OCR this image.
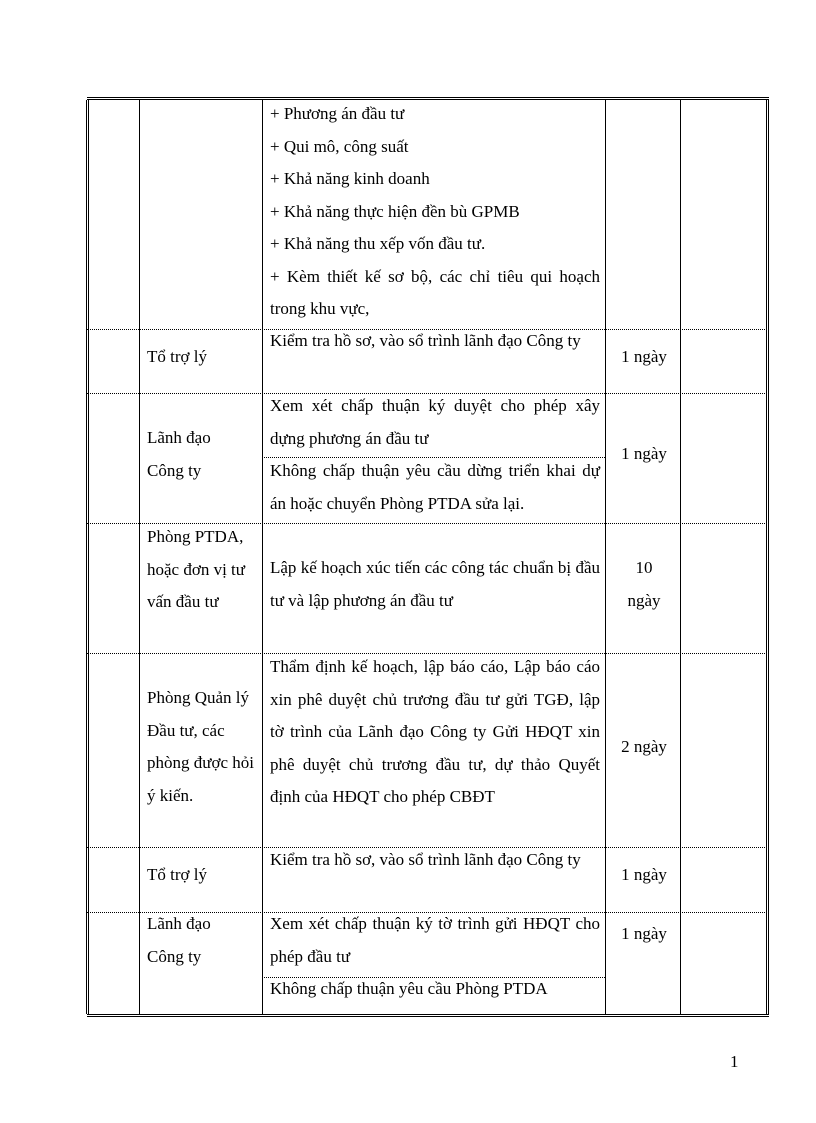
+ Phương án đầu tư
+ Qui mô, công suất
+ Khả năng kinh doanh
+ Khả năng thực hiện đền bù GPMB
+ Khả năng thu xếp vốn đầu tư.
+ Kèm thiết kế sơ bộ, các chỉ tiêu qui hoạch trong khu vực,
Tổ trợ lý
Kiểm tra hồ sơ, vào sổ trình lãnh đạo Công ty
1 ngày
Lãnh đạo Công ty
Xem xét chấp thuận ký duyệt cho phép xây dựng phương án đầu tư
Không chấp thuận yêu cầu dừng triển khai dự án hoặc chuyển Phòng PTDA sửa lại.
1 ngày
Phòng PTDA, hoặc đơn vị tư vấn đầu tư
Lập kế hoạch xúc tiến các công tác chuẩn bị đầu tư và lập phương án đầu tư
10 ngày
Phòng Quản lý Đầu tư, các phòng được hỏi ý kiến.
Thẩm định kế hoạch, lập báo cáo, Lập báo cáo xin phê duyệt chủ trương đầu tư gửi TGĐ, lập tờ trình của Lãnh đạo Công ty Gửi HĐQT xin phê duyệt chủ trương đầu tư, dự thảo Quyết định của HĐQT cho phép CBĐT
2 ngày
Tổ trợ lý
Kiểm tra hồ sơ, vào sổ trình lãnh đạo Công ty
1 ngày
Lãnh đạo Công ty
Xem xét chấp thuận ký tờ trình gửi HĐQT cho phép đầu tư
Không chấp thuận yêu cầu Phòng PTDA
1 ngày
1
